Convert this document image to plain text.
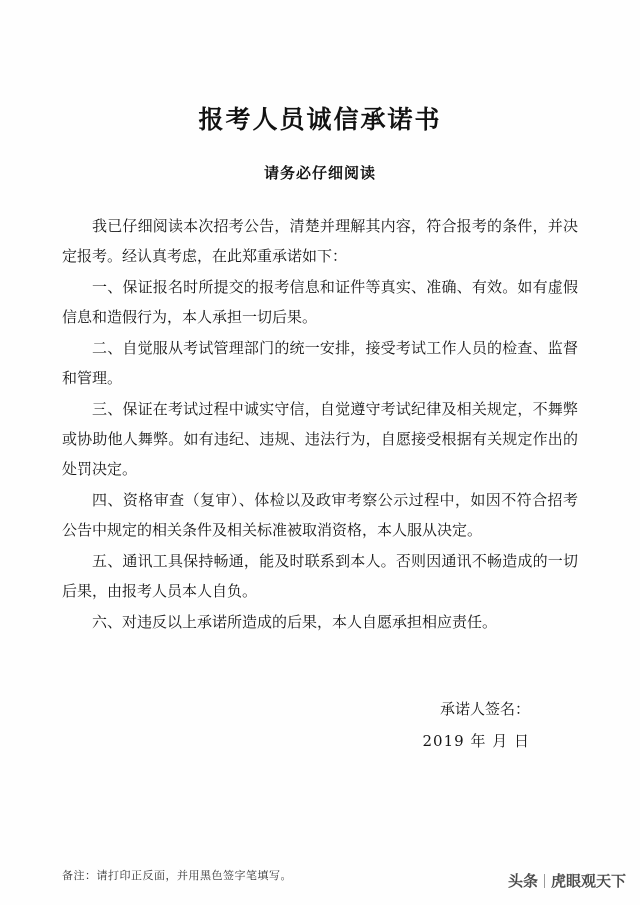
报考人员诚信承诺书
请务必仔细阅读

我已仔细阅读本次招考公告，清楚并理解其内容，符合报考的条件，并决定报考。经认真考虑，在此郑重承诺如下：

一、保证报名时所提交的报考信息和证件等真实、准确、有效。如有虚假信息和造假行为，本人承担一切后果。

二、自觉服从考试管理部门的统一安排，接受考试工作人员的检查、监督和管理。

三、保证在考试过程中诚实守信，自觉遵守考试纪律及相关规定，不舞弊或协助他人舞弊。如有违纪、违规、违法行为，自愿接受根据有关规定作出的处罚决定。

四、资格审查（复审）、体检以及政审考察公示过程中，如因不符合招考公告中规定的相关条件及相关标准被取消资格，本人服从决定。

五、通讯工具保持畅通，能及时联系到本人。否则因通讯不畅造成的一切后果，由报考人员本人自负。

六、对违反以上承诺所造成的后果，本人自愿承担相应责任。

承诺人签名：
2019 年 月 日
备注：请打印正反面，并用黑色签字笔填写。	头条 虎眼观天下
